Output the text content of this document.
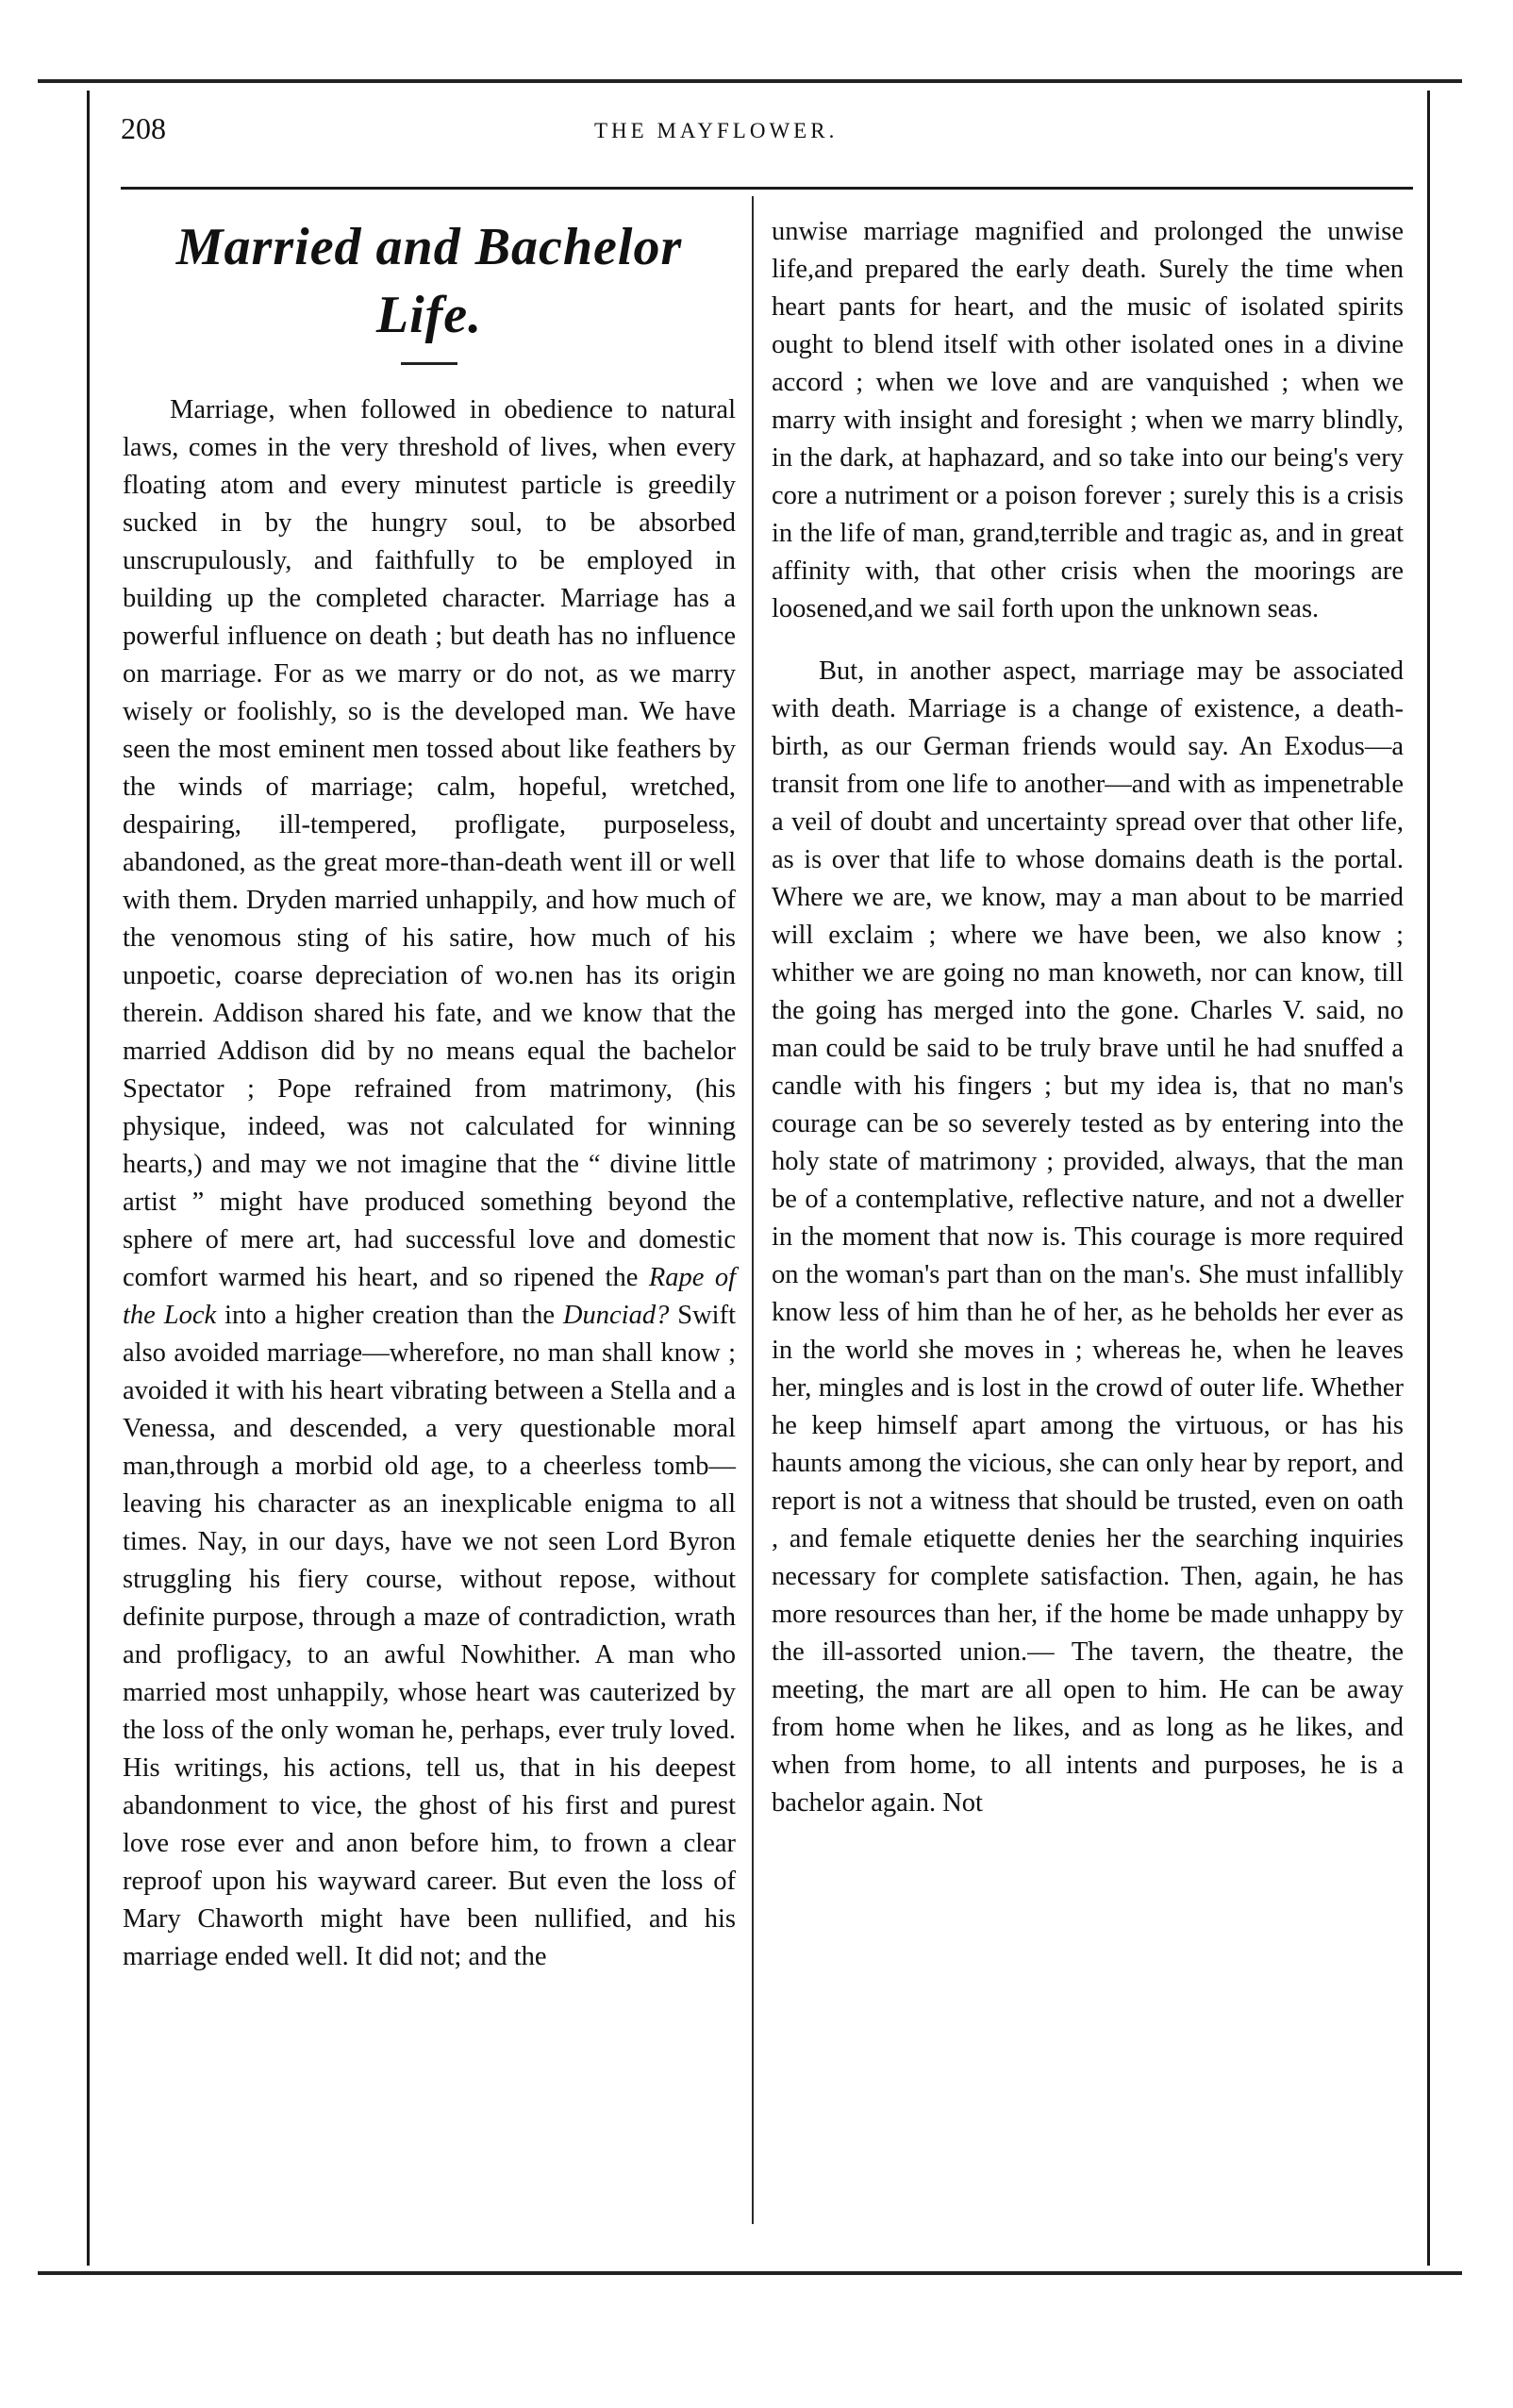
208	THE MAYFLOWER.
Married and Bachelor Life.

Marriage, when followed in obedience to natural laws, comes in the very threshold of lives, when every floating atom and every minutest particle is greedily sucked in by the hungry soul, to be absorbed unscrupulously, and faithfully to be employed in building up the completed character. Marriage has a powerful influence on death ; but death has no influence on marriage. For as we marry or do not, as we marry wisely or foolishly, so is the developed man. We have seen the most eminent men tossed about like feathers by the winds of marriage; calm, hopeful, wretched, despairing, ill-tempered, profligate, purposeless, abandoned, as the great more-than-death went ill or well with them. Dryden married unhappily, and how much of the venomous sting of his satire, how much of his unpoetic, coarse depreciation of wo.nen has its origin therein. Addison shared his fate, and we know that the married Addison did by no means equal the bachelor Spectator ; Pope refrained from matrimony, (his physique, indeed, was not calculated for winning hearts,) and may we not imagine that the “ divine little artist ” might have produced something beyond the sphere of mere art, had successful love and domestic comfort warmed his heart, and so ripened the Rape of the Lock into a higher creation than the Dunciad? Swift also avoided marriage—wherefore, no man shall know ; avoided it with his heart vibrating between a Stella and a Venessa, and descended, a very questionable moral man,through a morbid old age, to a cheerless tomb—leaving his character as an inexplicable enigma to all times. Nay, in our days, have we not seen Lord Byron struggling his fiery course, without repose, without definite purpose, through a maze of contradiction, wrath and profligacy, to an awful Nowhither. A man who married most unhappily, whose heart was cauterized by the loss of the only woman he, perhaps, ever truly loved. His writings, his actions, tell us, that in his deepest abandonment to vice, the ghost of his first and purest love rose ever and anon before him, to frown a clear reproof upon his wayward career. But even the loss of Mary Chaworth might have been nullified, and his marriage ended well. It did not; and the

unwise marriage magnified and prolonged the unwise life,and prepared the early death. Surely the time when heart pants for heart, and the music of isolated spirits ought to blend itself with other isolated ones in a divine accord ; when we love and are vanquished ; when we marry with insight and foresight ; when we marry blindly, in the dark, at haphazard, and so take into our being's very core a nutriment or a poison forever ; surely this is a crisis in the life of man, grand,terrible and tragic as, and in great affinity with, that other crisis when the moorings are loosened,and we sail forth upon the unknown seas.

But, in another aspect, marriage may be associated with death. Marriage is a change of existence, a death-birth, as our German friends would say. An Exodus—a transit from one life to another—and with as impenetrable a veil of doubt and uncertainty spread over that other life, as is over that life to whose domains death is the portal. Where we are, we know, may a man about to be married will exclaim ; where we have been, we also know ; whither we are going no man knoweth, nor can know, till the going has merged into the gone. Charles V. said, no man could be said to be truly brave until he had snuffed a candle with his fingers ; but my idea is, that no man's courage can be so severely tested as by entering into the holy state of matrimony ; provided, always, that the man be of a contemplative, reflective nature, and not a dweller in the moment that now is. This courage is more required on the woman's part than on the man's. She must infallibly know less of him than he of her, as he beholds her ever as in the world she moves in ; whereas he, when he leaves her, mingles and is lost in the crowd of outer life. Whether he keep himself apart among the virtuous, or has his haunts among the vicious, she can only hear by report, and report is not a witness that should be trusted, even on oath , and female etiquette denies her the searching inquiries necessary for complete satisfaction. Then, again, he has more resources than her, if the home be made unhappy by the ill-assorted union.— The tavern, the theatre, the meeting, the mart are all open to him. He can be away from home when he likes, and as long as he likes, and when from home, to all intents and purposes, he is a bachelor again. Not
